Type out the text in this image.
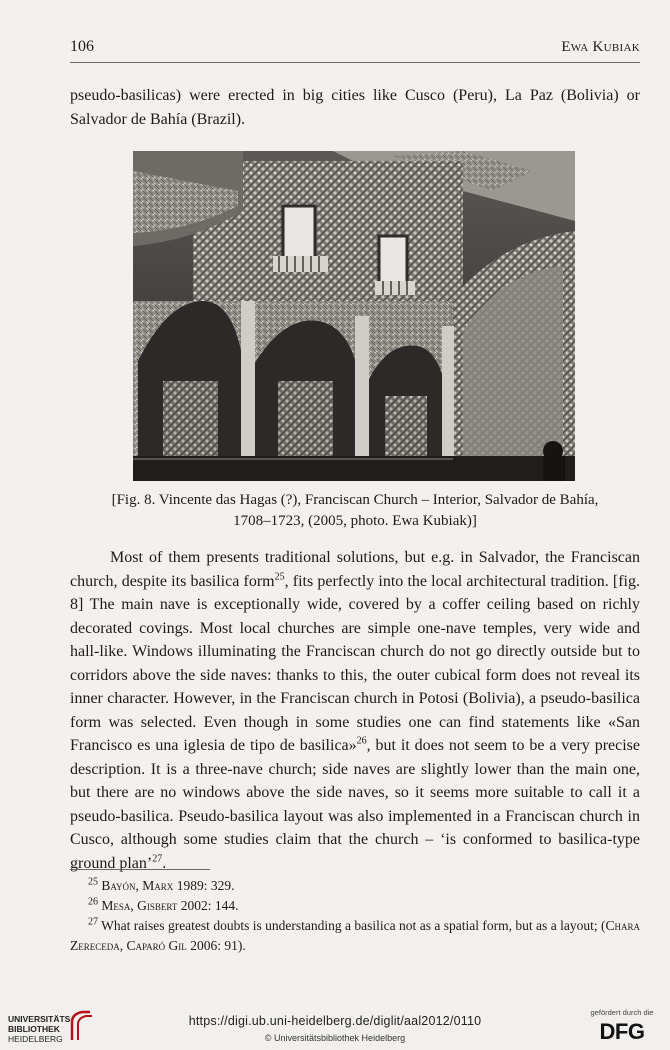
106	Ewa Kubiak

pseudo-basilicas) were erected in big cities like Cusco (Peru), La Paz (Bolivia) or Salvador de Bahía (Brazil).

[Fig. 8. Vincente das Hagas (?), Franciscan Church – Interior, Salvador de Bahía,
1708–1723, (2005, photo. Ewa Kubiak)]

Most of them presents traditional solutions, but e.g. in Salvador, the Franciscan church, despite its basilica form$^{25}$, fits perfectly into the local architectural tradition. [fig. 8] The main nave is exceptionally wide, covered by a coffer ceiling based on richly decorated covings. Most local churches are simple one-nave temples, very wide and hall-like. Windows illuminating the Franciscan church do not go directly outside but to corridors above the side naves: thanks to this, the outer cubical form does not reveal its inner character. However, in the Franciscan church in Potosi (Bolivia), a pseudo-basilica form was selected. Even though in some studies one can find statements like «San Francisco es una iglesia de tipo de basilica»$^{26}$, but it does not seem to be a very precise description. It is a three-nave church; side naves are slightly lower than the main one, but there are no windows above the side naves, so it seems more suitable to call it a pseudo-basilica. Pseudo-basilica layout was also implemented in a Franciscan church in Cusco, although some studies claim that the church – ‘is conformed to basilica-type ground plan’$^{27}$.

$^{25}$ Bayón, Marx 1989: 329.
$^{26}$ Mesa, Gisbert 2002: 144.
$^{27}$ What raises greatest doubts is understanding a basilica not as a spatial form, but as a layout; (Chara Zereceda, Caparó Gil 2006: 91).
UNIVERSITÄTS-
BIBLIOTHEK
HEIDELBERG
https://digi.ub.uni-heidelberg.de/diglit/aal2012/0110
© Universitätsbibliothek Heidelberg
gefördert durch die
DFG
